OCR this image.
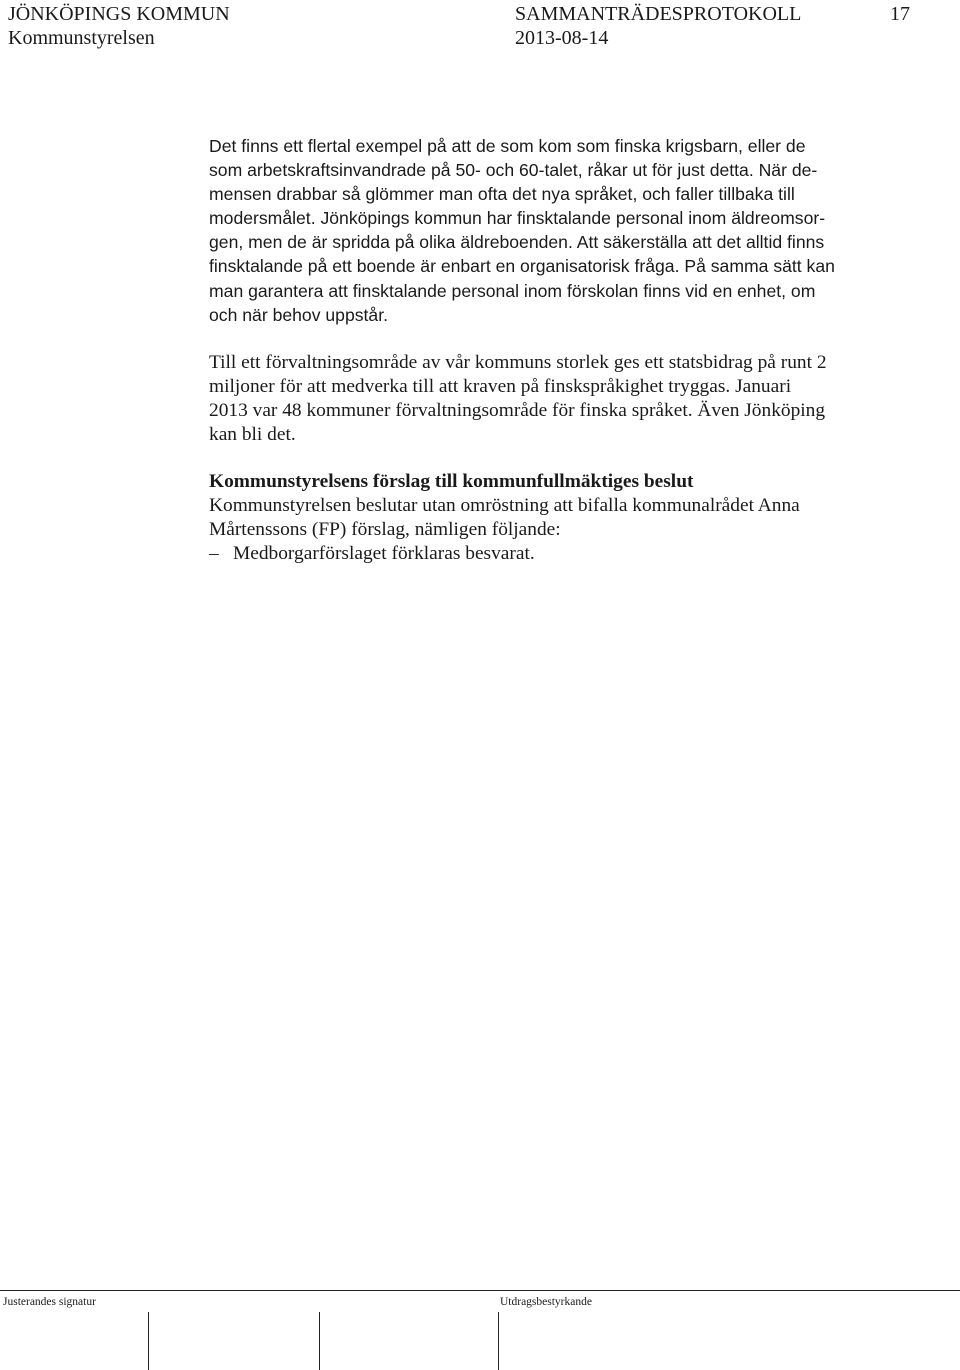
JÖNKÖPINGS KOMMUN
Kommunstyrelsen
SAMMANTRÄDESPROTOKOLL
2013-08-14
17
Det finns ett flertal exempel på att de som kom som finska krigsbarn, eller de
som arbetskraftsinvandrade på 50- och 60-talet, råkar ut för just detta. När de-
mensen drabbar så glömmer man ofta det nya språket, och faller tillbaka till
modersmålet. Jönköpings kommun har finsktalande personal inom äldreomsor-
gen, men de är spridda på olika äldreboenden. Att säkerställa att det alltid finns
finsktalande på ett boende är enbart en organisatorisk fråga. På samma sätt kan
man garantera att finsktalande personal inom förskolan finns vid en enhet, om
och när behov uppstår.
Till ett förvaltningsområde av vår kommuns storlek ges ett statsbidrag på runt 2
miljoner för att medverka till att kraven på finskspråkighet tryggas. Januari
2013 var 48 kommuner förvaltningsområde för finska språket. Även Jönköping
kan bli det.
Kommunstyrelsens förslag till kommunfullmäktiges beslut
Kommunstyrelsen beslutar utan omröstning att bifalla kommunalrådet Anna
Mårtenssons (FP) förslag, nämligen följande:
– Medborgarförslaget förklaras besvarat.
Justerandes signatur	Utdragsbestyrkande
